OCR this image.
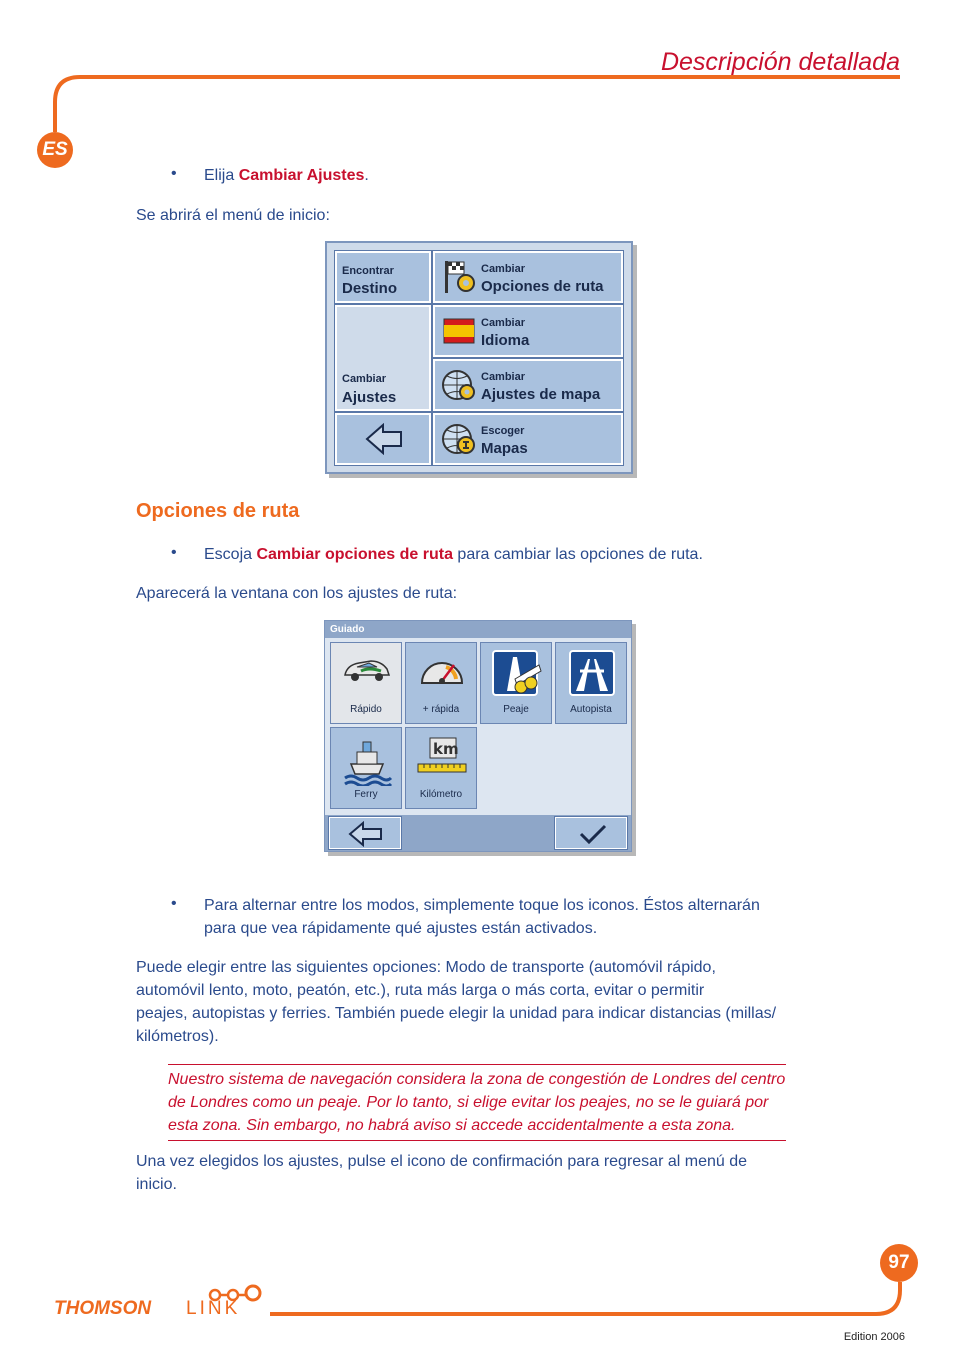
Descripción detallada
ES
• Elija Cambiar Ajustes.
Se abrirá el menú de inicio:
Encontrar
Destino
Cambiar
Ajustes
Cambiar
Opciones de ruta
Cambiar
Idioma
Cambiar
Ajustes de mapa
Escoger
Mapas
Opciones de ruta
• Escoja Cambiar opciones de ruta para cambiar las opciones de ruta.
Aparecerá la ventana con los ajustes de ruta:
Guiado
Rápido	+ rápida	Peaje	Autopista
Ferry
km
Kilómetro
• Para alternar entre los modos, simplemente toque los iconos. Éstos alternarán
para que vea rápidamente qué ajustes están activados.
Puede elegir entre las siguientes opciones: Modo de transporte (automóvil rápido,
automóvil lento, moto, peatón, etc.), ruta más larga o más corta, evitar o permitir
peajes, autopistas y ferries. También puede elegir la unidad para indicar distancias (millas/
kilómetros).
Nuestro sistema de navegación considera la zona de congestión de Londres del centro
de Londres como un peaje. Por lo tanto, si elige evitar los peajes, no se le guiará por
esta zona. Sin embargo, no habrá aviso si accede accidentalmente a esta zona.
Una vez elegidos los ajustes, pulse el icono de confirmación para regresar al menú de
inicio.
97
THOMSON LINK
Edition 2006
